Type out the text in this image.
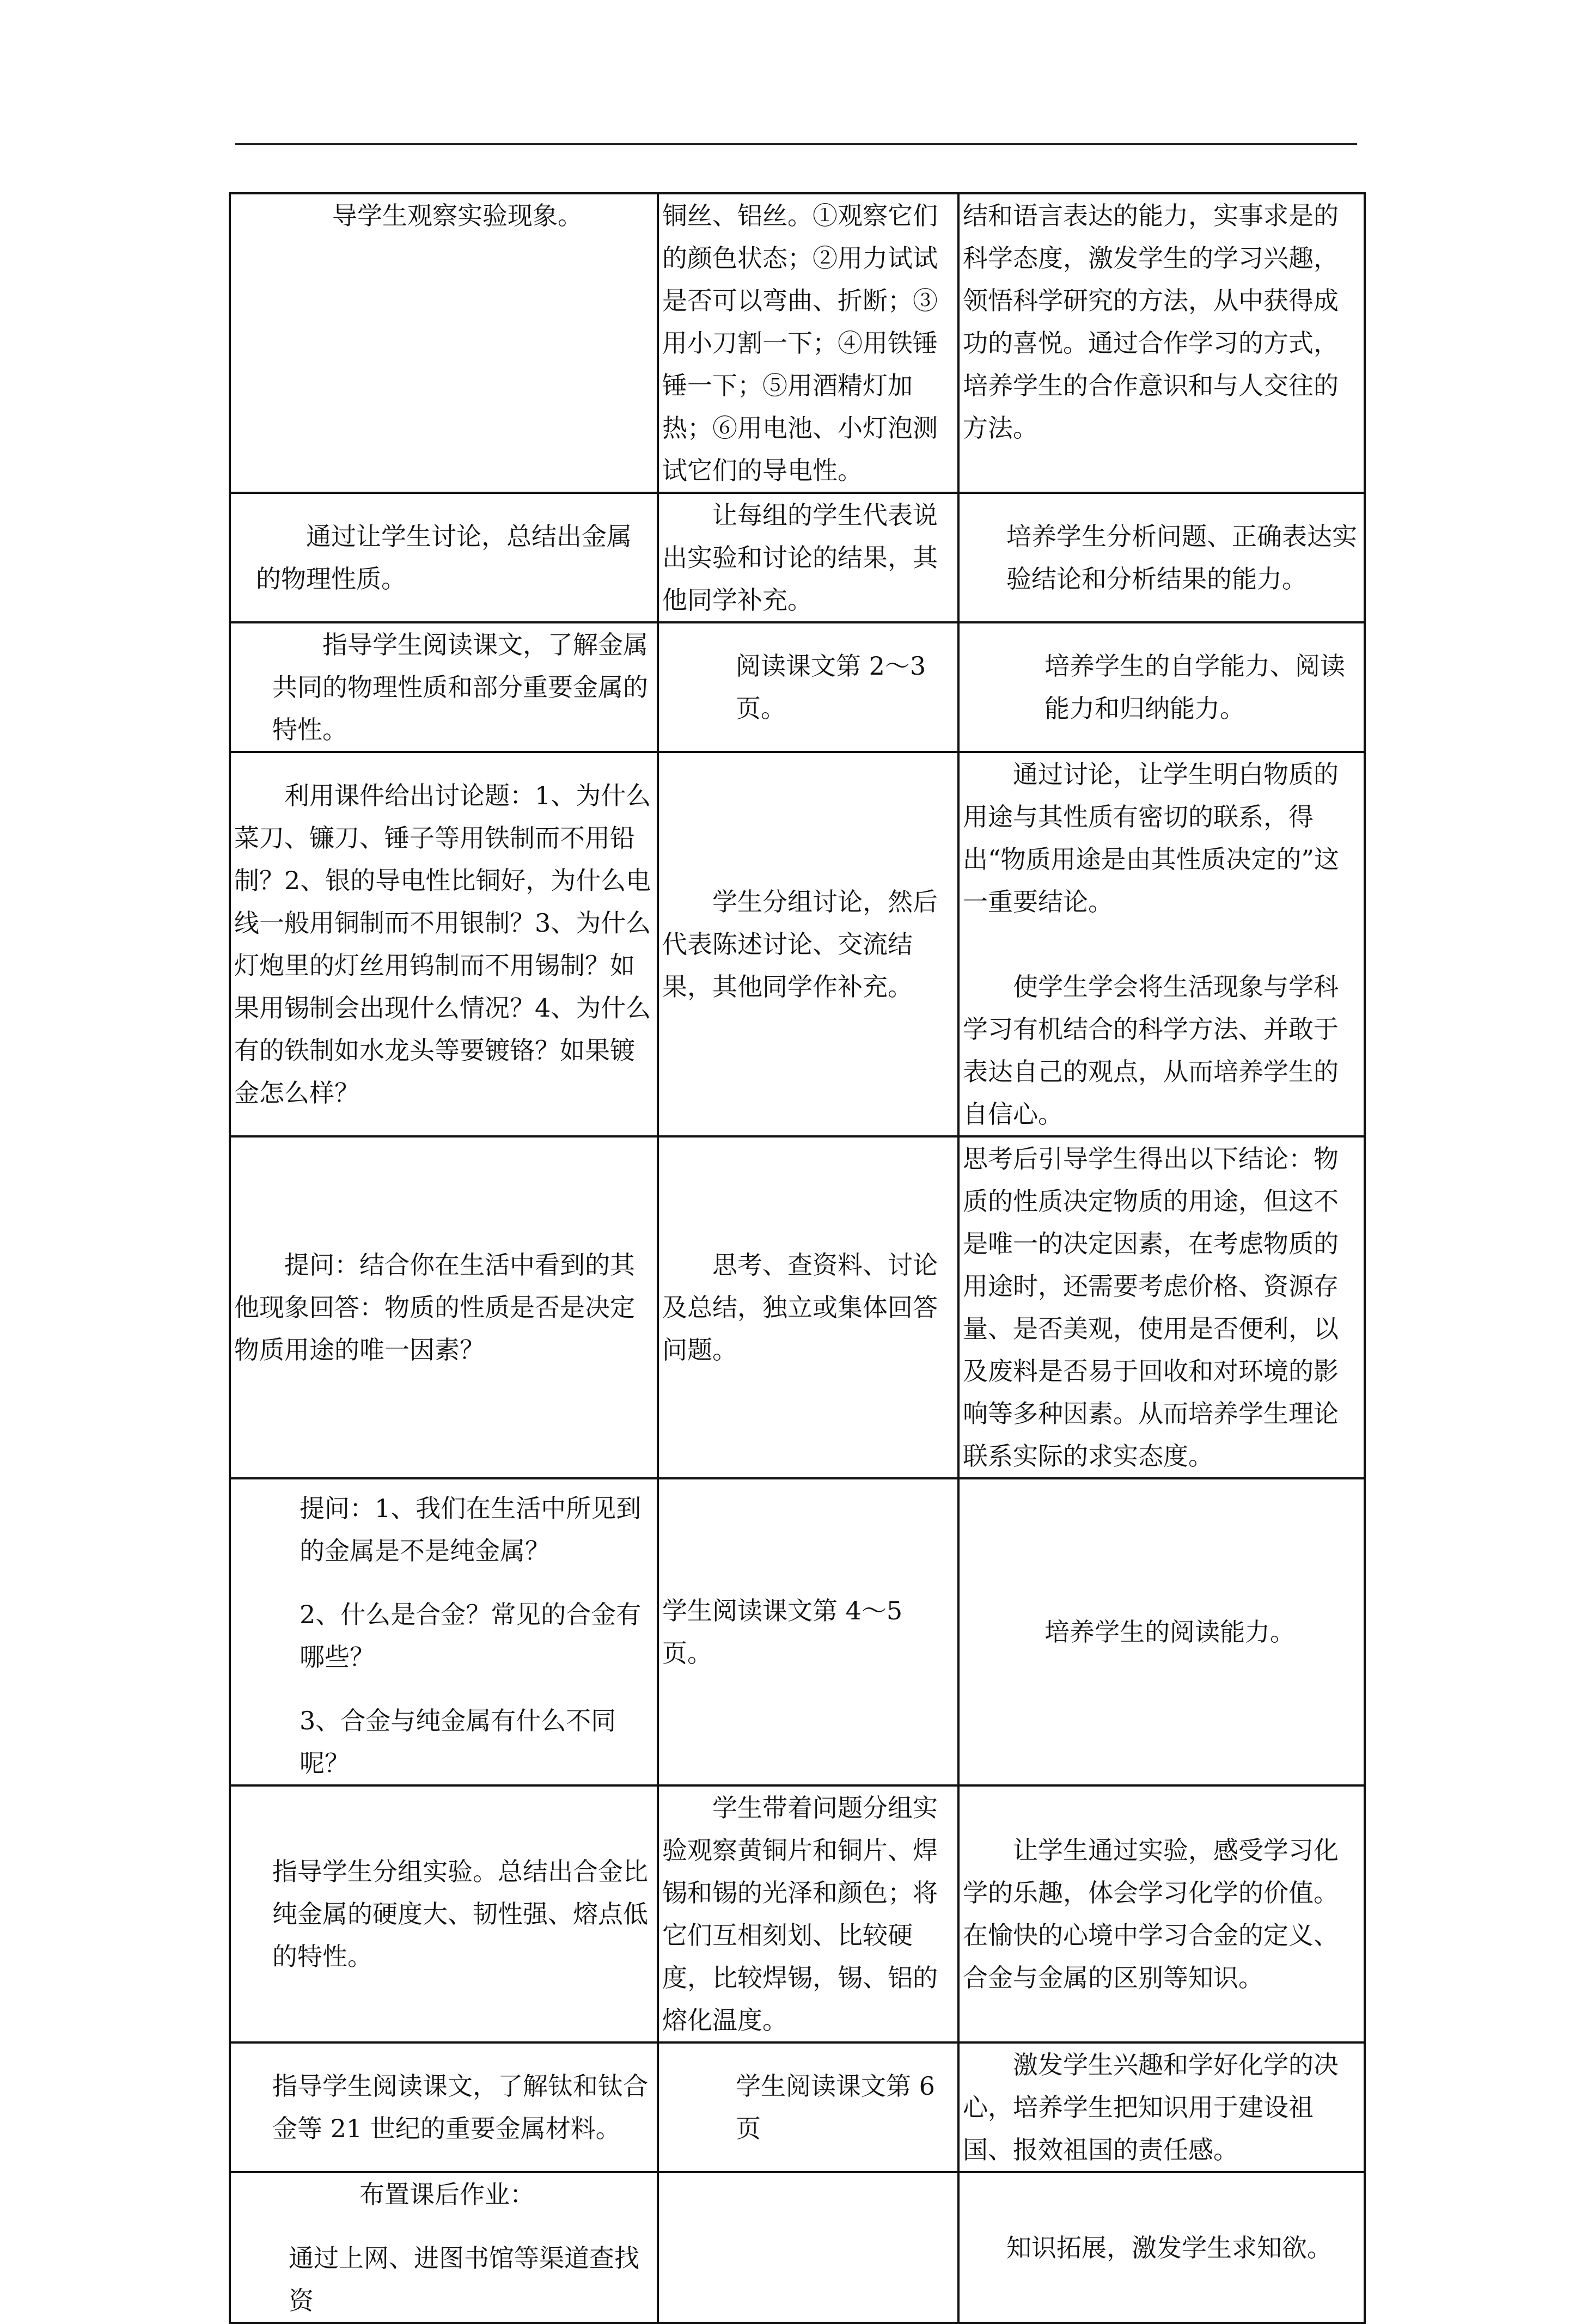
导学生观察实验现象。	铜丝、铝丝。①观察它们的颜色状态；②用力试试是否可以弯曲、折断；③用小刀割一下；④用铁锤锤一下；⑤用酒精灯加热；⑥用电池、小灯泡测试它们的导电性。	结和语言表达的能力，实事求是的科学态度，激发学生的学习兴趣，领悟科学研究的方法，从中获得成功的喜悦。通过合作学习的方式，培养学生的合作意识和与人交往的方法。

通过让学生讨论，总结出金属的物理性质。	让每组的学生代表说出实验和讨论的结果，其他同学补充。	培养学生分析问题、正确表达实验结论和分析结果的能力。

指导学生阅读课文，了解金属共同的物理性质和部分重要金属的特性。	阅读课文第 2～3 页。	培养学生的自学能力、阅读能力和归纳能力。

利用课件给出讨论题：1、为什么菜刀、镰刀、锤子等用铁制而不用铅制？2、银的导电性比铜好，为什么电线一般用铜制而不用银制？3、为什么灯炮里的灯丝用钨制而不用锡制？如果用锡制会出现什么情况？4、为什么有的铁制如水龙头等要镀铬？如果镀金怎么样？	学生分组讨论，然后代表陈述讨论、交流结果，其他同学作补充。	通过讨论，让学生明白物质的用途与其性质有密切的联系，得出“物质用途是由其性质决定的”这一重要结论。
使学生学会将生活现象与学科学习有机结合的科学方法、并敢于表达自己的观点，从而培养学生的自信心。

提问：结合你在生活中看到的其他现象回答：物质的性质是否是决定物质用途的唯一因素？	思考、查资料、讨论及总结，独立或集体回答问题。	思考后引导学生得出以下结论：物质的性质决定物质的用途，但这不是唯一的决定因素，在考虑物质的用途时，还需要考虑价格、资源存量、是否美观，使用是否便利，以及废料是否易于回收和对环境的影响等多种因素。从而培养学生理论联系实际的求实态度。

提问：1、我们在生活中所见到的金属是不是纯金属？
2、什么是合金？常见的合金有哪些？
3、合金与纯金属有什么不同呢？	学生阅读课文第 4～5 页。	培养学生的阅读能力。

指导学生分组实验。总结出合金比纯金属的硬度大、韧性强、熔点低的特性。	学生带着问题分组实验观察黄铜片和铜片、焊锡和锡的光泽和颜色；将它们互相刻划、比较硬度，比较焊锡，锡、铝的熔化温度。	让学生通过实验，感受学习化学的乐趣，体会学习化学的价值。在愉快的心境中学习合金的定义、合金与金属的区别等知识。

指导学生阅读课文，了解钛和钛合金等 21 世纪的重要金属材料。	学生阅读课文第 6 页	激发学生兴趣和学好化学的决心，培养学生把知识用于建设祖国、报效祖国的责任感。

布置课后作业：
通过上网、进图书馆等渠道查找资		知识拓展，激发学生求知欲。
